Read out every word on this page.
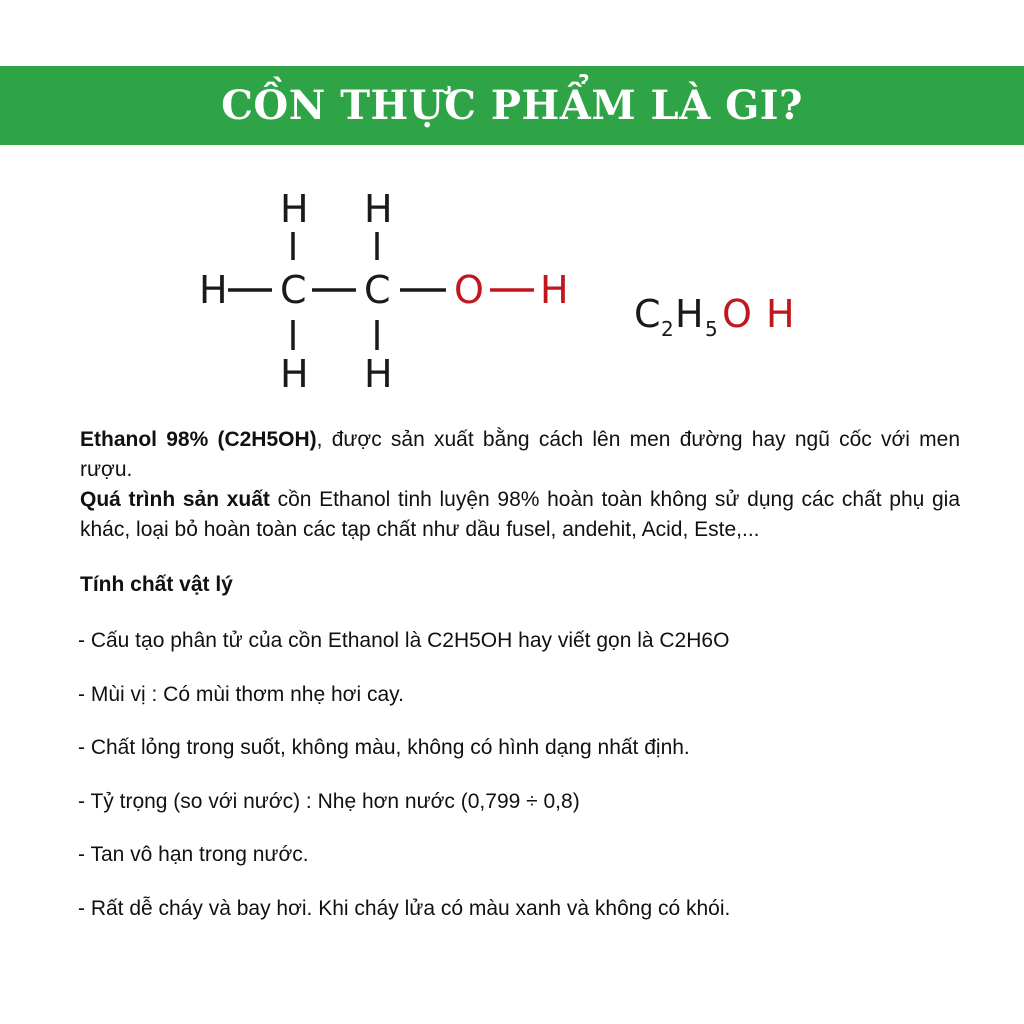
CỒN THỰC PHẨM LÀ GI?
H H
H C C O H
H H
C 2 H 5 O H

Ethanol 98% (C2H5OH), được sản xuất bằng cách lên men đường hay ngũ cốc với men rượu.

Quá trình sản xuất cồn Ethanol tinh luyện 98% hoàn toàn không sử dụng các chất phụ gia khác, loại bỏ hoàn toàn các tạp chất như dầu fusel, andehit, Acid, Este,...

Tính chất vật lý
- Cấu tạo phân tử của cồn Ethanol là C2H5OH hay viết gọn là C2H6O
- Mùi vị : Có mùi thơm nhẹ hơi cay.
- Chất lỏng trong suốt, không màu, không có hình dạng nhất định.
- Tỷ trọng (so với nước) : Nhẹ hơn nước (0,799 ÷ 0,8)
- Tan vô hạn trong nước.
- Rất dễ cháy và bay hơi. Khi cháy lửa có màu xanh và không có khói.
